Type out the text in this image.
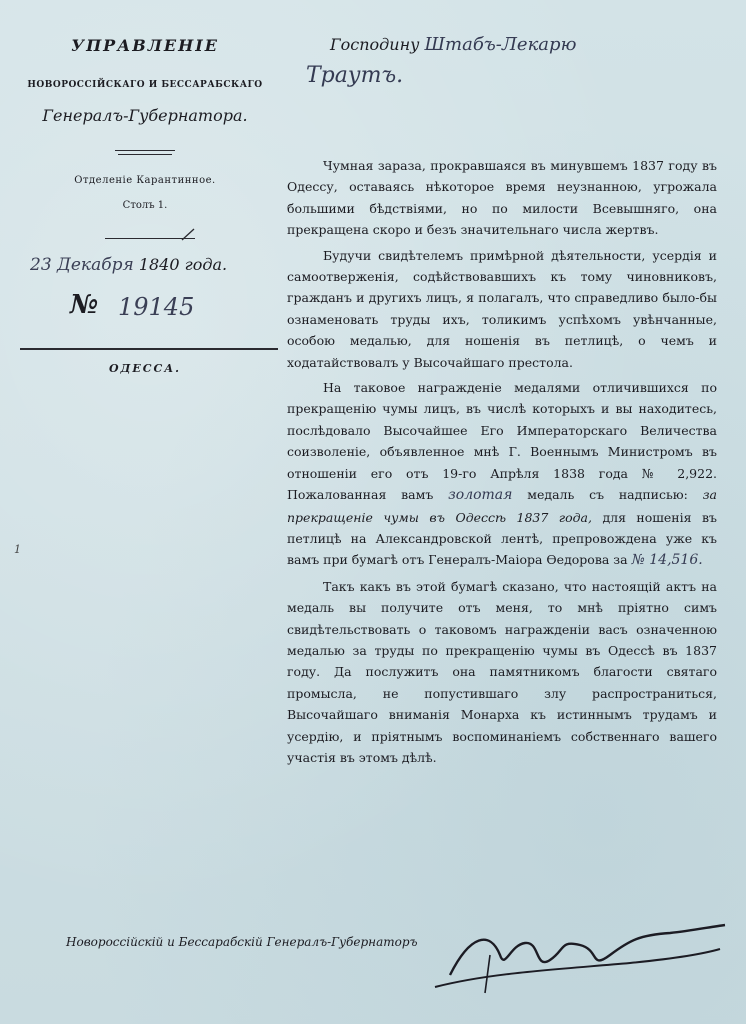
УПРАВЛЕНІЕ
НОВОРОССІЙСКАГО И БЕССАРАБСКАГО
Генералъ-Губернатора.
Отделеніе Карантинное.
Столъ 1.
23 Декабря 1840 года.
№ 19145
ОДЕССА.
Господину Штабъ-Лекарю
Траутъ.

Чумная зараза, прокравшаяся въ минувшемъ 1837 году въ Одессу, оставаясь нѣкоторое время неузнанною, угрожала большими бѣдствіями, но по милости Всевышняго, она прекращена скоро и безъ значительнаго числа жертвъ.

Будучи свидѣтелемъ примѣрной дѣятельности, усердія и самоотверженія, содѣйствовавшихъ къ тому чиновниковъ, гражданъ и другихъ лицъ, я полагалъ, что справедливо было-бы ознаменовать труды ихъ, толикимъ успѣхомъ увѣнчанные, особою медалью, для ношенія въ петлицѣ, о чемъ и ходатайствовалъ у Высочайшаго престола.

На таковое награжденіе медалями отличившихся по прекращенію чумы лицъ, въ числѣ которыхъ и вы находитесь, послѣдовало Высочайшее Его Императорскаго Величества соизволеніе, объявленное мнѣ Г. Военнымъ Министромъ въ отношеніи его отъ 19-го Апрѣля 1838 года № 2,922. Пожалованная вамъ золотая медаль съ надписью: за прекращеніе чумы въ Одессѣ 1837 года, для ношенія въ петлицѣ на Александровской лентѣ, препровождена уже къ вамъ при бумагѣ отъ Генералъ-Маіора Ѳедорова за № 14,516.

Такъ какъ въ этой бумагѣ сказано, что настоящій актъ на медаль вы получите отъ меня, то мнѣ пріятно симъ свидѣтельствовать о таковомъ награжденіи васъ означенною медалью за труды по прекращенію чумы въ Одессѣ въ 1837 году. Да послужитъ она памятникомъ благости святаго промысла, не попустившаго злу распространиться, Высочайшаго вниманія Монарха къ истиннымъ трудамъ и усердію, и пріятнымъ воспоминаніемъ собственнаго вашего участія въ этомъ дѣлѣ.

Новороссійскій и Бессарабскій Генералъ-Губернаторъ
1
